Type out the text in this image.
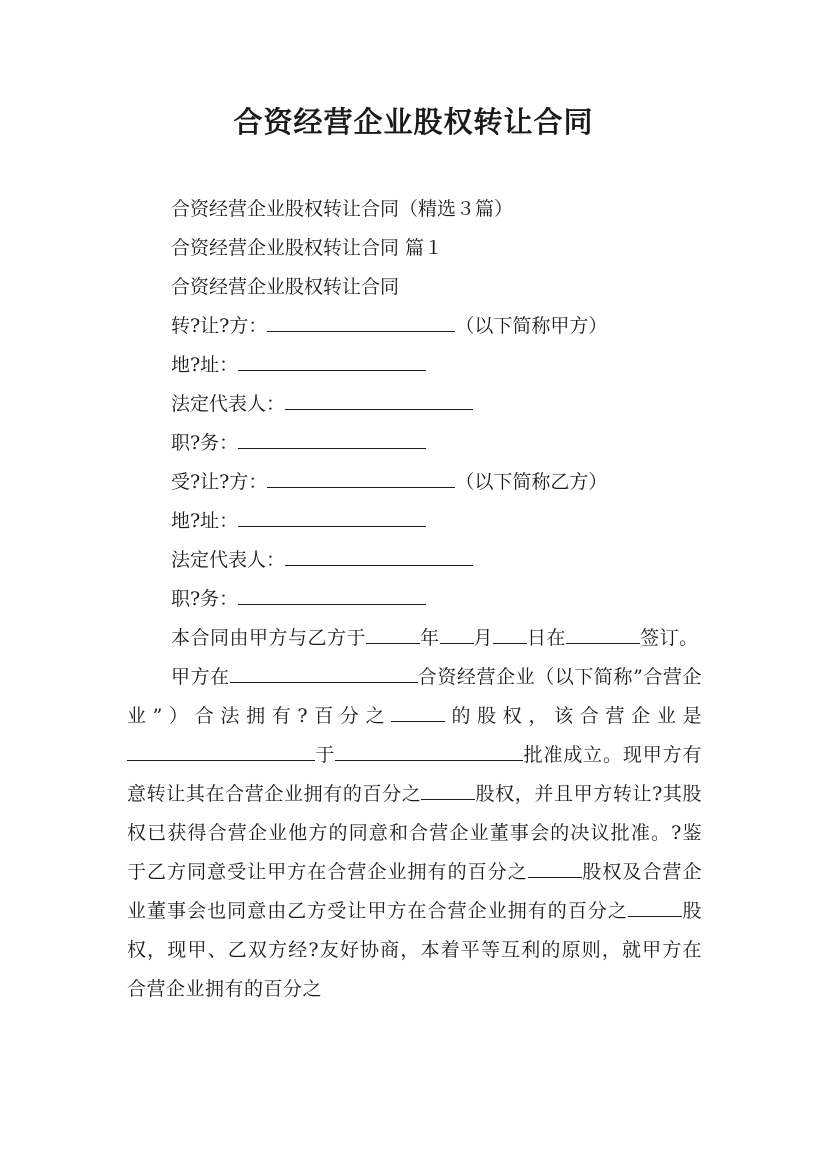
合资经营企业股权转让合同
合资经营企业股权转让合同（精选３篇）
合资经营企业股权转让合同 篇１
合资经营企业股权转让合同
转?让?方：	（以下简称甲方）
地?址：
法定代表人：
职?务：
受?让?方：	（以下简称乙方）
地?址：
法定代表人：
职?务：
本合同由甲方与乙方于	年 月 日在	签订。
甲方在	合资经营企业（以下简称”合营企业”）合法拥有?百分之	的股权，该合营企业是于	批准成立。现甲方有意转让其在合营企业拥有的百分之	股权，并且甲方转让?其股权已获得合营企业他方的同意和合营企业董事会的决议批准。?鉴于乙方同意受让甲方在合营企业拥有的百分之	股权及合营企业董事会也同意由乙方受让甲方在合营企业拥有的百分之	股权，现甲、乙双方经?友好协商，本着平等互利的原则，就甲方在合营企业拥有的百分之
